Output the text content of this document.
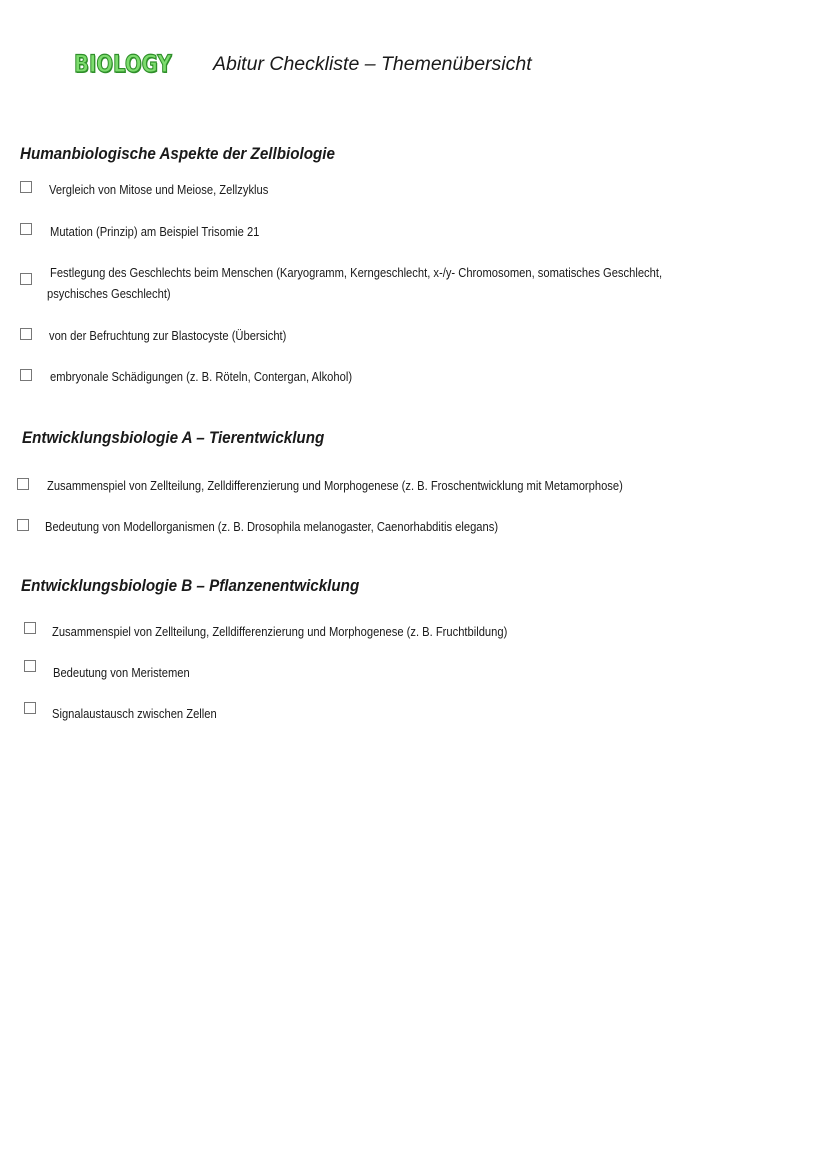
BIOLOGY Abitur Checkliste – Themenübersicht
Humanbiologische Aspekte der Zellbiologie
Vergleich von Mitose und Meiose, Zellzyklus
Mutation (Prinzip) am Beispiel Trisomie 21
Festlegung des Geschlechts beim Menschen (Karyogramm, Kerngeschlecht, x-/y- Chromosomen, somatisches Geschlecht,
psychisches Geschlecht)
von der Befruchtung zur Blastocyste (Übersicht)
embryonale Schädigungen (z. B. Röteln, Contergan, Alkohol)
Entwicklungsbiologie A – Tierentwicklung
Zusammenspiel von Zellteilung, Zelldifferenzierung und Morphogenese (z. B. Froschentwicklung mit Metamorphose)
Bedeutung von Modellorganismen (z. B. Drosophila melanogaster, Caenorhabditis elegans)
Entwicklungsbiologie B – Pflanzenentwicklung
Zusammenspiel von Zellteilung, Zelldifferenzierung und Morphogenese (z. B. Fruchtbildung)
Bedeutung von Meristemen
Signalaustausch zwischen Zellen
